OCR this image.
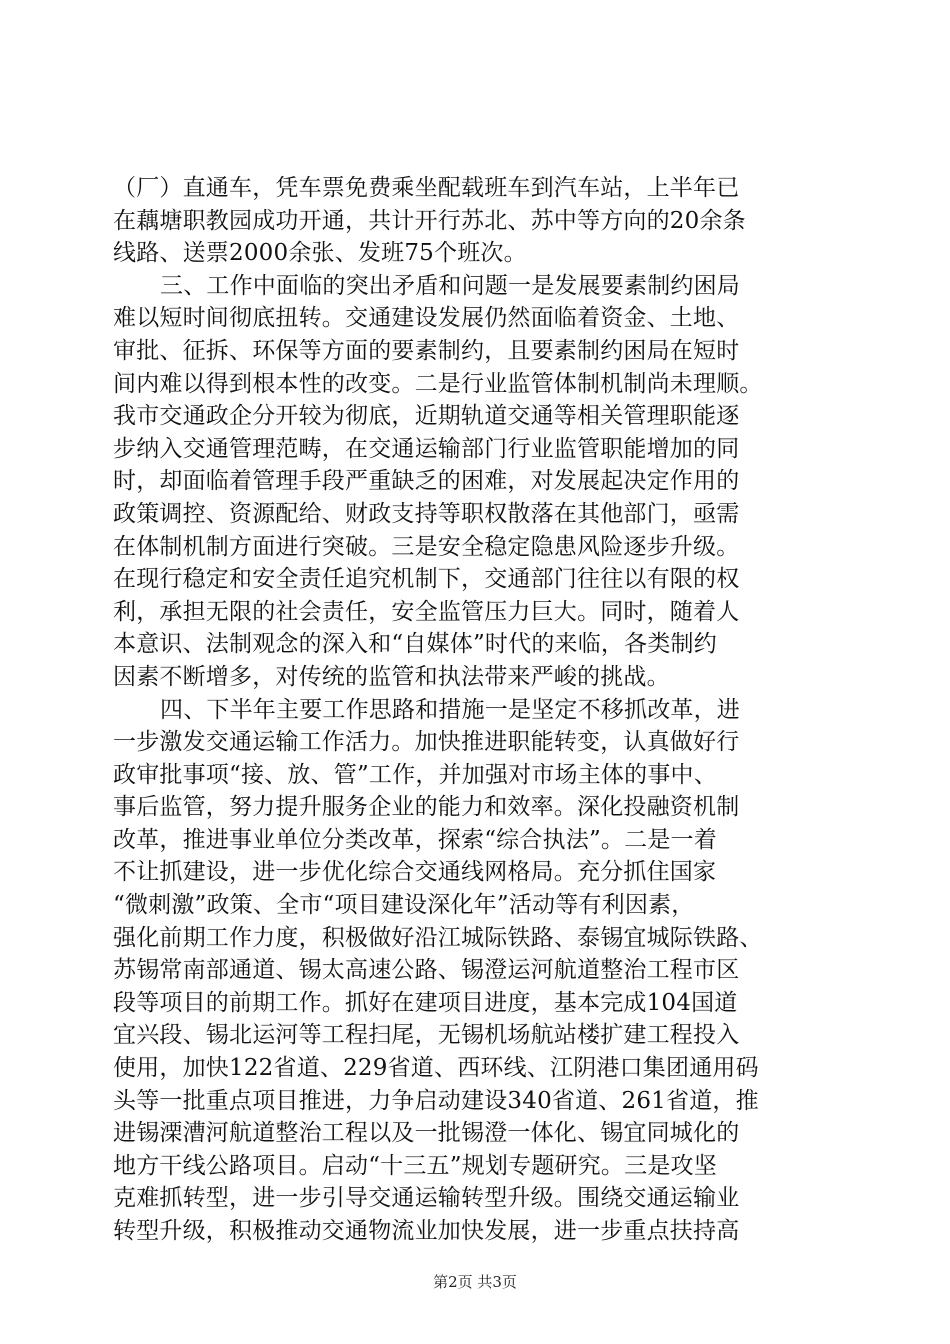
（厂）直通车，凭车票免费乘坐配载班车到汽车站，上半年已
在藕塘职教园成功开通，共计开行苏北、苏中等方向的20余条
线路、送票2000余张、发班75个班次。
三、工作中面临的突出矛盾和问题一是发展要素制约困局
难以短时间彻底扭转。交通建设发展仍然面临着资金、土地、
审批、征拆、环保等方面的要素制约，且要素制约困局在短时
间内难以得到根本性的改变。二是行业监管体制机制尚未理顺。
我市交通政企分开较为彻底，近期轨道交通等相关管理职能逐
步纳入交通管理范畴，在交通运输部门行业监管职能增加的同
时，却面临着管理手段严重缺乏的困难，对发展起决定作用的
政策调控、资源配给、财政支持等职权散落在其他部门，亟需
在体制机制方面进行突破。三是安全稳定隐患风险逐步升级。
在现行稳定和安全责任追究机制下，交通部门往往以有限的权
利，承担无限的社会责任，安全监管压力巨大。同时，随着人
本意识、法制观念的深入和“自媒体”时代的来临，各类制约
因素不断增多，对传统的监管和执法带来严峻的挑战。
四、下半年主要工作思路和措施一是坚定不移抓改革，进
一步激发交通运输工作活力。加快推进职能转变，认真做好行
政审批事项“接、放、管”工作，并加强对市场主体的事中、
事后监管，努力提升服务企业的能力和效率。深化投融资机制
改革，推进事业单位分类改革，探索“综合执法”。二是一着
不让抓建设，进一步优化综合交通线网格局。充分抓住国家
“微刺激”政策、全市“项目建设深化年”活动等有利因素，
强化前期工作力度，积极做好沿江城际铁路、泰锡宜城际铁路、
苏锡常南部通道、锡太高速公路、锡澄运河航道整治工程市区
段等项目的前期工作。抓好在建项目进度，基本完成104国道
宜兴段、锡北运河等工程扫尾，无锡机场航站楼扩建工程投入
使用，加快122省道、229省道、西环线、江阴港口集团通用码
头等一批重点项目推进，力争启动建设340省道、261省道，推
进锡溧漕河航道整治工程以及一批锡澄一体化、锡宜同城化的
地方干线公路项目。启动“十三五”规划专题研究。三是攻坚
克难抓转型，进一步引导交通运输转型升级。围绕交通运输业
转型升级，积极推动交通物流业加快发展，进一步重点扶持高
第2页 共3页
